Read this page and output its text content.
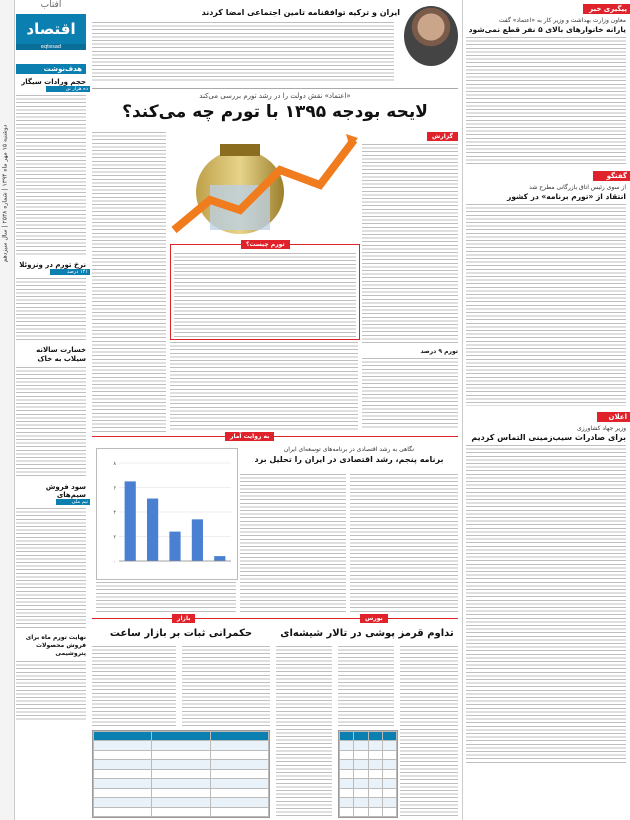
دوشنبه ۱۵ مهر ماه ۱۳۹۴ | شماره ۲۵۳۸ | سال سیزدهم
آفتاب
اقتصاد
eqtesad
هدف‌نوشت
حجم ورادات سیگار
ده هزار تن
نرخ تورم در ونزوئلا
۱۴۱ درصد
خسارت سالانه سیلاب به خاک
سود فروش سیم‌های
تیم ملی
نهایت تورم ماه برای فروش محصولات پتروشیمی
ایران و ترکیه توافقنامه تامین اجتماعی امضا کردند
«اعتماد» نقش دولت را در رشد تورم بررسی می‌کند
لایحه بودجه ۱۳۹۵ با تورم چه می‌کند؟
گزارش
تورم ۹ درصد
تورم چیست؟
به روایت آمار
نگاهی به رشد اقتصادی در برنامه‌های توسعه‌ای ایران
برنامه پنجم، رشد اقتصادی در ایران را تحلیل برد
۰
۲
۴
۶
۸
بازار
حکمرانی ثبات بر بازار ساعت

بورس
تداوم قرمز پوشی در تالار شیشه‌ای

پیگیری خبر
معاون وزارت بهداشت و وزیر کار به «اعتماد» گفت
یارانه خانوارهای بالای ۵ نفر قطع نمی‌شود
گفتگو
از سوی رئیس اتاق بازرگانی مطرح شد
انتقاد از «تورم برنامه» در کشور
اعلان
وزیر جهاد کشاورزی
برای صادرات سیب‌زمینی التماس کردیم
